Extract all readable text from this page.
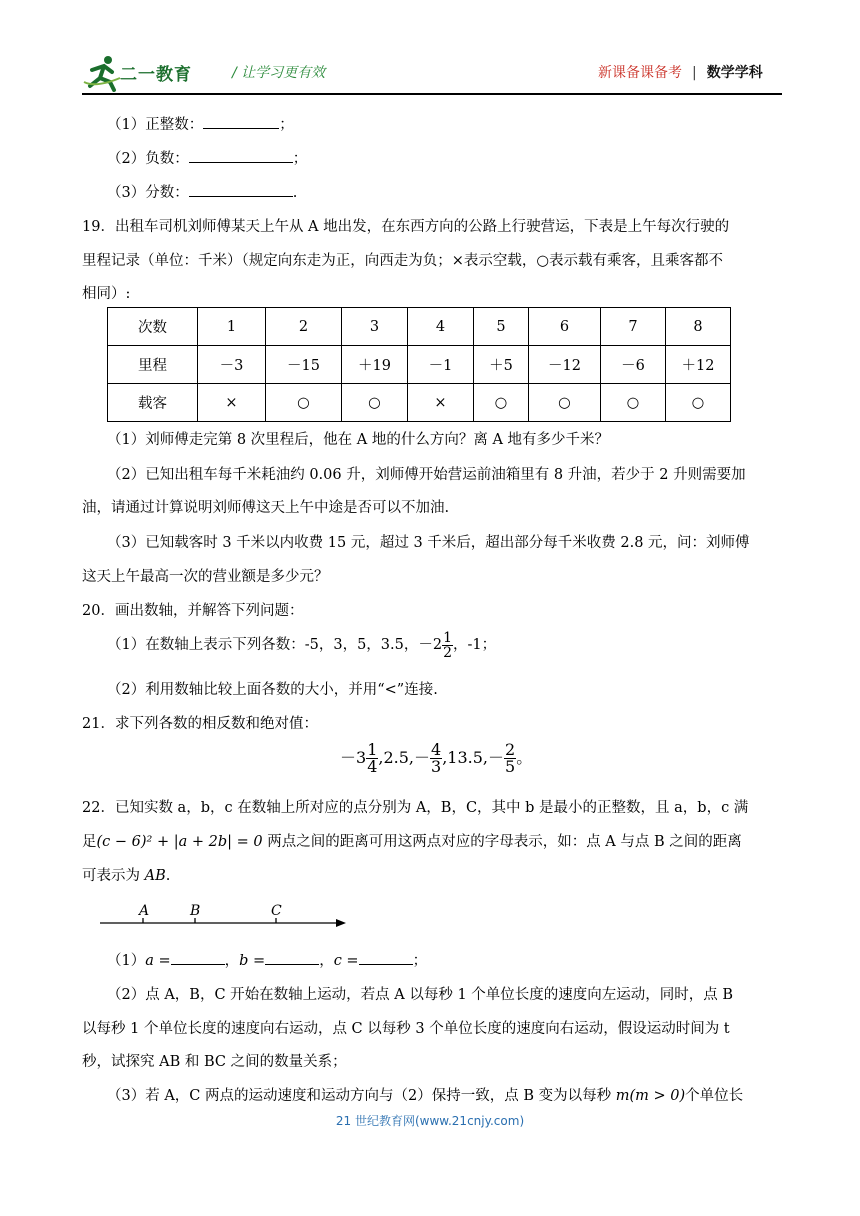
二一教育	/ 让学习更有效	新课备课备考 | 数学学科
（1）正整数：	；
（2）负数：	；
（3）分数：	.
19．出租车司机刘师傅某天上午从 A 地出发，在东西方向的公路上行驶营运，下表是上午每次行驶的
里程记录（单位：千米）（规定向东走为正，向西走为负；×表示空载，○表示载有乘客，且乘客都不
相同）:
次数	1	2	3	4	5	6	7	8
里程	－3	－15	＋19	－1	＋5	－12	－6	＋12
载客	×	○	○	×	○	○	○	○
（1）刘师傅走完第 8 次里程后，他在 A 地的什么方向？离 A 地有多少千米？
（2）已知出租车每千米耗油约 0.06 升，刘师傅开始营运前油箱里有 8 升油，若少于 2 升则需要加
油，请通过计算说明刘师傅这天上午中途是否可以不加油.
（3）已知载客时 3 千米以内收费 15 元，超过 3 千米后，超出部分每千米收费 2.8 元，问：刘师傅
这天上午最高一次的营业额是多少元？
20．画出数轴，并解答下列问题：
（1）在数轴上表示下列各数：-5，3，5，3.5，$-2 \frac{1}{2}$ ，-1；
（2）利用数轴比较上面各数的大小，并用“<”连接.
21．求下列各数的相反数和绝对值：
$-3 \frac{1}{4} ,2.5,- \frac{4}{3} ,13.5,- \frac{2}{5}$ 。
22．已知实数 a，b，c 在数轴上所对应的点分别为 A，B，C，其中 b 是最小的正整数，且 a，b，c 满
足(c − 6)² + |a + 2b| = 0 两点之间的距离可用这两点对应的字母表示，如：点 A 与点 B 之间的距离
可表示为 AB.
A	B	C
（1）a =	，b =	，c =	；
（2）点 A，B，C 开始在数轴上运动，若点 A 以每秒 1 个单位长度的速度向左运动，同时，点 B
以每秒 1 个单位长度的速度向右运动，点 C 以每秒 3 个单位长度的速度向右运动，假设运动时间为 t
秒，试探究 AB 和 BC 之间的数量关系；
（3）若 A，C 两点的运动速度和运动方向与（2）保持一致，点 B 变为以每秒 m(m > 0)个单位长
21 世纪教育网(www.21cnjy.com)
